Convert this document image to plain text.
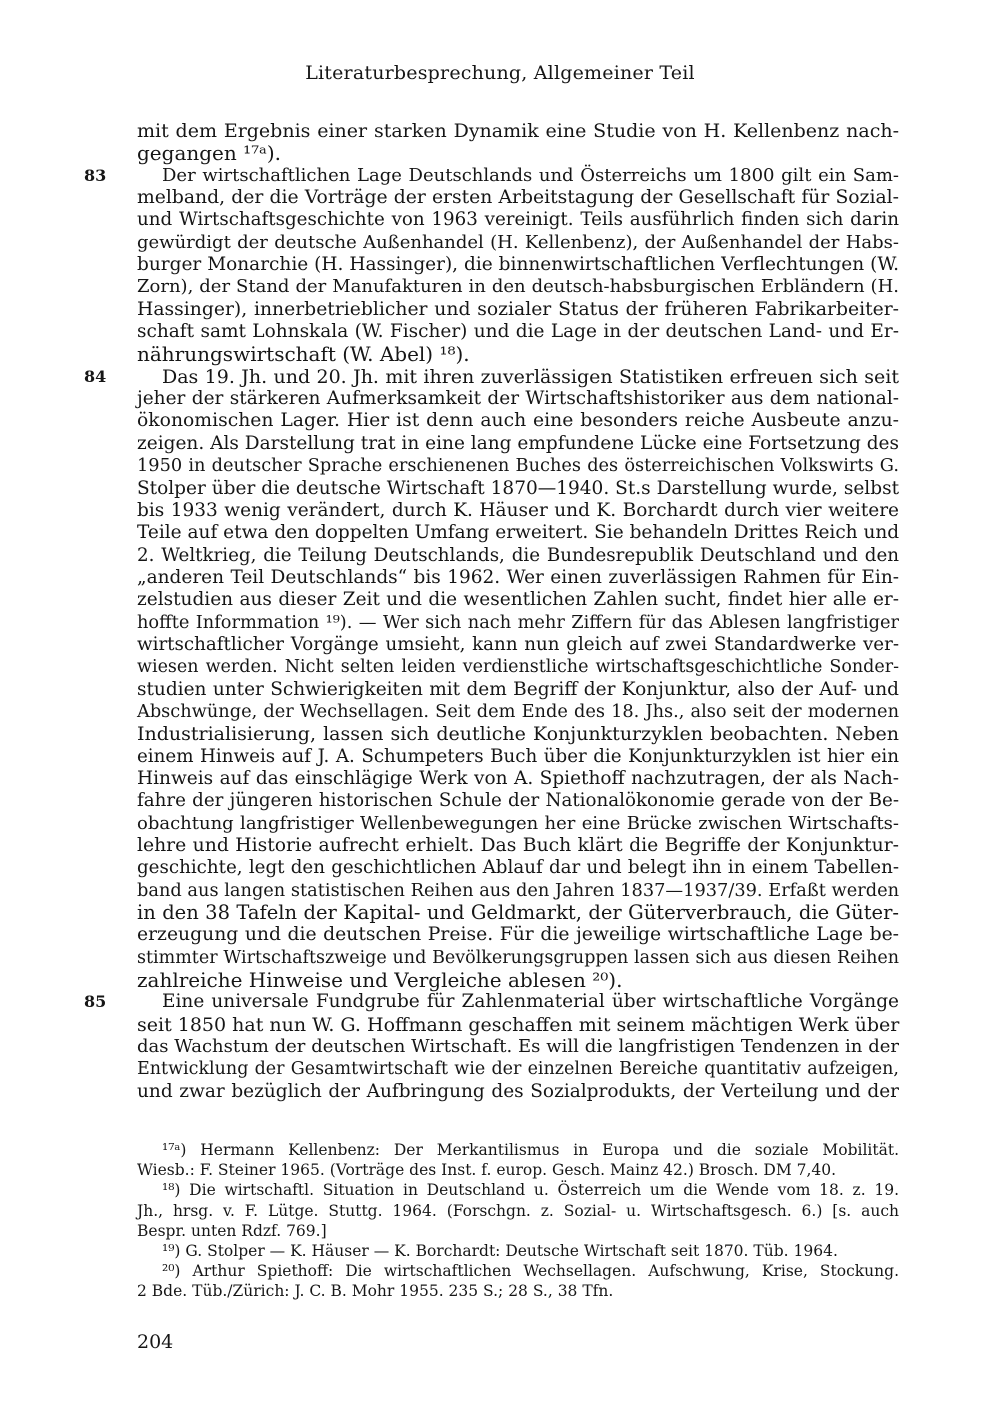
Literaturbesprechung, Allgemeiner Teil
mit dem Ergebnis einer starken Dynamik eine Studie von H. Kellenbenz nach-
gegangen ¹⁷ᵃ).
83	Der wirtschaftlichen Lage Deutschlands und Österreichs um 1800 gilt ein Sam-
melband, der die Vorträge der ersten Arbeitstagung der Gesellschaft für Sozial-
und Wirtschaftsgeschichte von 1963 vereinigt. Teils ausführlich finden sich darin
gewürdigt der deutsche Außenhandel (H. Kellenbenz), der Außenhandel der Habs-
burger Monarchie (H. Hassinger), die binnenwirtschaftlichen Verflechtungen (W.
Zorn), der Stand der Manufakturen in den deutsch-habsburgischen Erbländern (H.
Hassinger), innerbetrieblicher und sozialer Status der früheren Fabrikarbeiter-
schaft samt Lohnskala (W. Fischer) und die Lage in der deutschen Land- und Er-
nährungswirtschaft (W. Abel) ¹⁸).
84	Das 19. Jh. und 20. Jh. mit ihren zuverlässigen Statistiken erfreuen sich seit
jeher der stärkeren Aufmerksamkeit der Wirtschaftshistoriker aus dem national-
ökonomischen Lager. Hier ist denn auch eine besonders reiche Ausbeute anzu-
zeigen. Als Darstellung trat in eine lang empfundene Lücke eine Fortsetzung des
1950 in deutscher Sprache erschienenen Buches des österreichischen Volkswirts G.
Stolper über die deutsche Wirtschaft 1870—1940. St.s Darstellung wurde, selbst
bis 1933 wenig verändert, durch K. Häuser und K. Borchardt durch vier weitere
Teile auf etwa den doppelten Umfang erweitert. Sie behandeln Drittes Reich und
2. Weltkrieg, die Teilung Deutschlands, die Bundesrepublik Deutschland und den
„anderen Teil Deutschlands“ bis 1962. Wer einen zuverlässigen Rahmen für Ein-
zelstudien aus dieser Zeit und die wesentlichen Zahlen sucht, findet hier alle er-
hoffte Informmation ¹⁹). — Wer sich nach mehr Ziffern für das Ablesen langfristiger
wirtschaftlicher Vorgänge umsieht, kann nun gleich auf zwei Standardwerke ver-
wiesen werden. Nicht selten leiden verdienstliche wirtschaftsgeschichtliche Sonder-
studien unter Schwierigkeiten mit dem Begriff der Konjunktur, also der Auf- und
Abschwünge, der Wechsellagen. Seit dem Ende des 18. Jhs., also seit der modernen
Industrialisierung, lassen sich deutliche Konjunkturzyklen beobachten. Neben
einem Hinweis auf J. A. Schumpeters Buch über die Konjunkturzyklen ist hier ein
Hinweis auf das einschlägige Werk von A. Spiethoff nachzutragen, der als Nach-
fahre der jüngeren historischen Schule der Nationalökonomie gerade von der Be-
obachtung langfristiger Wellenbewegungen her eine Brücke zwischen Wirtschafts-
lehre und Historie aufrecht erhielt. Das Buch klärt die Begriffe der Konjunktur-
geschichte, legt den geschichtlichen Ablauf dar und belegt ihn in einem Tabellen-
band aus langen statistischen Reihen aus den Jahren 1837—1937/39. Erfaßt werden
in den 38 Tafeln der Kapital- und Geldmarkt, der Güterverbrauch, die Güter-
erzeugung und die deutschen Preise. Für die jeweilige wirtschaftliche Lage be-
stimmter Wirtschaftszweige und Bevölkerungsgruppen lassen sich aus diesen Reihen
zahlreiche Hinweise und Vergleiche ablesen ²⁰).
85	Eine universale Fundgrube für Zahlenmaterial über wirtschaftliche Vorgänge
seit 1850 hat nun W. G. Hoffmann geschaffen mit seinem mächtigen Werk über
das Wachstum der deutschen Wirtschaft. Es will die langfristigen Tendenzen in der
Entwicklung der Gesamtwirtschaft wie der einzelnen Bereiche quantitativ aufzeigen,
und zwar bezüglich der Aufbringung des Sozialprodukts, der Verteilung und der
¹⁷ᵃ) Hermann Kellenbenz: Der Merkantilismus in Europa und die soziale Mobilität.
Wiesb.: F. Steiner 1965. (Vorträge des Inst. f. europ. Gesch. Mainz 42.) Brosch. DM 7,40.
¹⁸) Die wirtschaftl. Situation in Deutschland u. Österreich um die Wende vom 18. z. 19.
Jh., hrsg. v. F. Lütge. Stuttg. 1964. (Forschgn. z. Sozial- u. Wirtschaftsgesch. 6.) [s. auch
Bespr. unten Rdzf. 769.]
¹⁹) G. Stolper — K. Häuser — K. Borchardt: Deutsche Wirtschaft seit 1870. Tüb. 1964.
²⁰) Arthur Spiethoff: Die wirtschaftlichen Wechsellagen. Aufschwung, Krise, Stockung.
2 Bde. Tüb./Zürich: J. C. B. Mohr 1955. 235 S.; 28 S., 38 Tfn.
204
